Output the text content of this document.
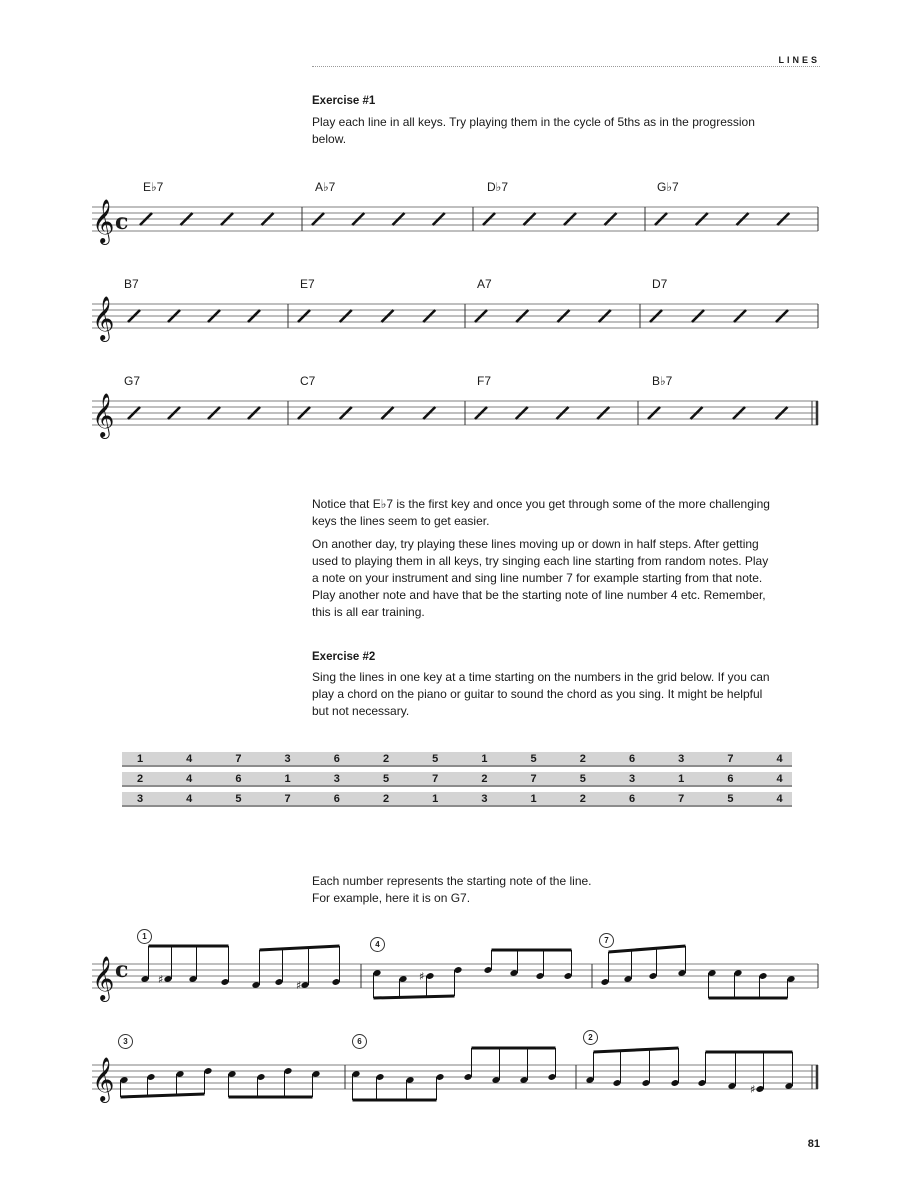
LINES
Exercise #1
Play each line in all keys. Try playing them in the cycle of 5ths as in the progression below.
E♭7	A♭7	D♭7	G♭7
B7	E7	A7	D7
G7	C7	F7	B♭7
𝄞
𝄞
𝄞
𝄞
𝄞
♯	♯
♯
♯
c
c
Notice that E♭7 is the first key and once you get through some of the more challenging keys the lines seem to get easier.
On another day, try playing these lines moving up or down in half steps. After getting used to playing them in all keys, try singing each line starting from random notes. Play a note on your instrument and sing line number 7 for example starting from that note. Play another note and have that be the starting note of line number 4 etc. Remember, this is all ear training.
Exercise #2
Sing the lines in one key at a time starting on the numbers in the grid below. If you can play a chord on the piano or guitar to sound the chord as you sing. It might be helpful but not necessary.
1	4	7	3	6	2	5	1	5	2	6	3	7	4
2	4	6	1	3	5	7	2	7	5	3	1	6	4
3	4	5	7	6	2	1	3	1	2	6	7	5	4
Each number represents the starting note of the line.
For example, here it is on G7.
1
4	7
3	6	2
81
